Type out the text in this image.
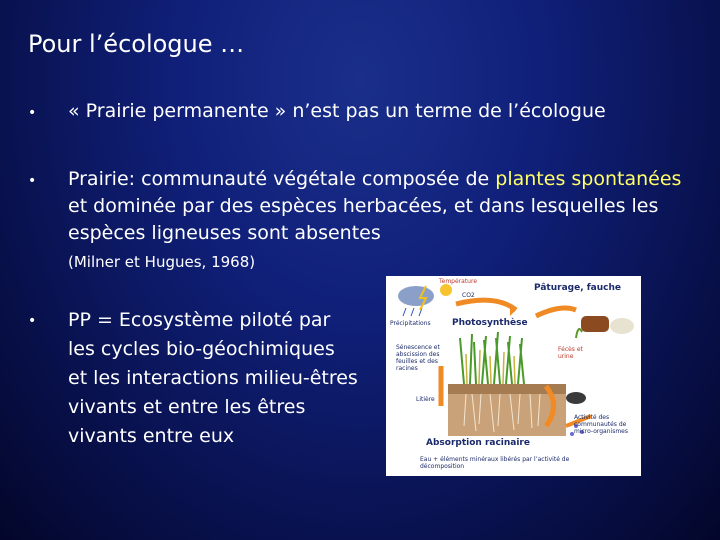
Pour l’écologue …
• « Prairie permanente » n’est pas un terme de l’écologue
• Prairie: communauté végétale composée de plantes spontanées et dominée par des espèces herbacées, et dans lesquelles les espèces ligneuses sont absentes
(Milner et Hugues, 1968)
• PP = Ecosystème piloté par les cycles bio-géochimiques et les interactions milieu-êtres vivants et entre les êtres vivants entre eux
Température
CO2
Précipitations Photosynthèse
Pâturage, fauche
Sénescence et abscission des feuilles et des racines
Fécès et urine
Litière
Activité des communautés de micro-organismes
Absorption racinaire
Eau + éléments minéraux libérés par l’activité de décomposition
